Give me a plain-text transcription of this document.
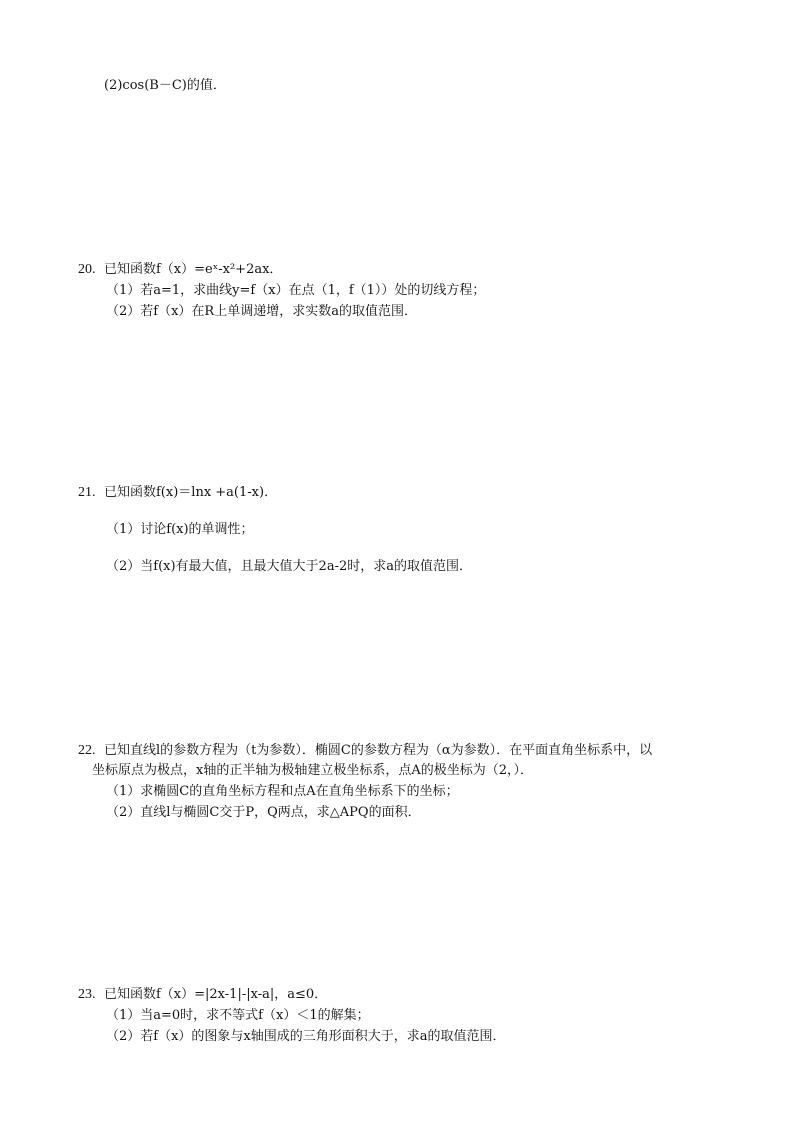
(2)cos(B－C)的值．
20. 已知函数f（x）=eˣ-x²+2ax．
（1）若a=1，求曲线y=f（x）在点（1，f（1））处的切线方程；
（2）若f（x）在R上单调递增，求实数a的取值范围．
21. 已知函数f(x)＝lnx +a(1-x)．
（1）讨论f(x)的单调性；
（2）当f(x)有最大值，且最大值大于2a-2时，求a的取值范围．
22. 已知直线l的参数方程为（t为参数）．椭圆C的参数方程为（α为参数）．在平面直角坐标系中，以
坐标原点为极点，x轴的正半轴为极轴建立极坐标系，点A的极坐标为（2，）．
（1）求椭圆C的直角坐标方程和点A在直角坐标系下的坐标；
（2）直线l与椭圆C交于P，Q两点，求△APQ的面积．
23. 已知函数f（x）=|2x-1|-|x-a|，a≤0．
（1）当a=0时，求不等式f（x）＜1的解集；
（2）若f（x）的图象与x轴围成的三角形面积大于，求a的取值范围．
